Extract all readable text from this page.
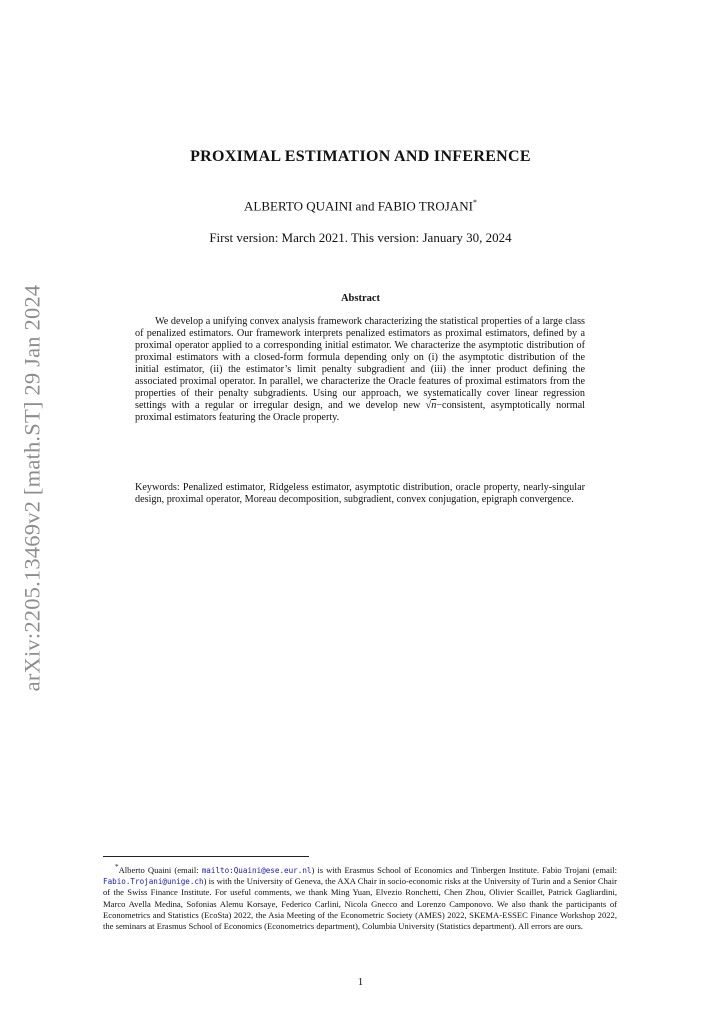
arXiv:2205.13469v2 [math.ST] 29 Jan 2024
PROXIMAL ESTIMATION AND INFERENCE
ALBERTO QUAINI and FABIO TROJANI*
First version: March 2021. This version: January 30, 2024
Abstract

We develop a unifying convex analysis framework characterizing the statistical properties of a large class of penalized estimators. Our framework interprets penalized estimators as proximal estimators, defined by a proximal operator applied to a corresponding initial estimator. We characterize the asymptotic distribution of proximal estimators with a closed-form formula depending only on (i) the asymptotic distribution of the initial estimator, (ii) the estimator’s limit penalty subgradient and (iii) the inner product defining the associated proximal operator. In parallel, we characterize the Oracle features of proximal estimators from the properties of their penalty subgradients. Using our approach, we systematically cover linear regression settings with a regular or irregular design, and we develop new √n−consistent, asymptotically normal proximal estimators featuring the Oracle property.

Keywords: Penalized estimator, Ridgeless estimator, asymptotic distribution, oracle property, nearly-singular design, proximal operator, Moreau decomposition, subgradient, convex conjugation, epigraph convergence.

*Alberto Quaini (email: mailto:Quaini@ese.eur.nl) is with Erasmus School of Economics and Tinbergen Institute. Fabio Trojani (email: Fabio.Trojani@unige.ch) is with the University of Geneva, the AXA Chair in socio-economic risks at the University of Turin and a Senior Chair of the Swiss Finance Institute. For useful comments, we thank Ming Yuan, Elvezio Ronchetti, Chen Zhou, Olivier Scaillet, Patrick Gagliardini, Marco Avella Medina, Sofonias Alemu Korsaye, Federico Carlini, Nicola Gnecco and Lorenzo Camponovo. We also thank the participants of Econometrics and Statistics (EcoSta) 2022, the Asia Meeting of the Econometric Society (AMES) 2022, SKEMA-ESSEC Finance Workshop 2022, the seminars at Erasmus School of Economics (Econometrics department), Columbia University (Statistics department). All errors are ours.

1
